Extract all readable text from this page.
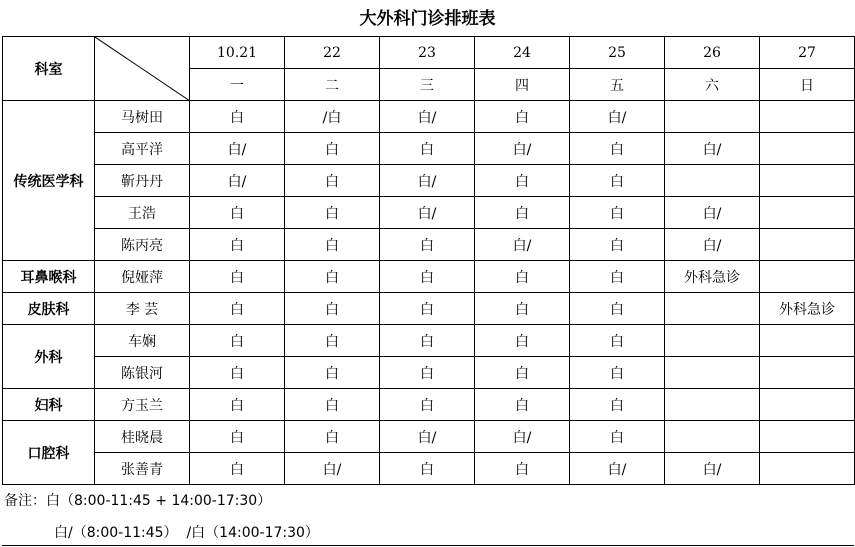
大外科门诊排班表
科室		10.21	22	23	24	25	26	27
		一	二	三	四	五	六	日
传统医学科	马树田	白	/白	白/	白	白/		
	高平洋	白/	白	白	白/	白	白/	
	靳丹丹	白/	白	白/	白	白		
	王浩	白	白	白/	白	白	白/	
	陈丙亮	白	白	白	白/	白	白/	
耳鼻喉科	倪娅萍	白	白	白	白	白	外科急诊	
皮肤科	李 芸	白	白	白	白	白		外科急诊
外科	车娴	白	白	白	白	白		
	陈银河	白	白	白	白	白		
妇科	方玉兰	白	白	白	白	白		
口腔科	桂晓晨	白	白	白/	白/	白		
	张善青	白	白/	白	白	白/	白/	
备注：白（8:00-11:45 + 14:00-17:30）
白/（8:00-11:45）  /白（14:00-17:30）
